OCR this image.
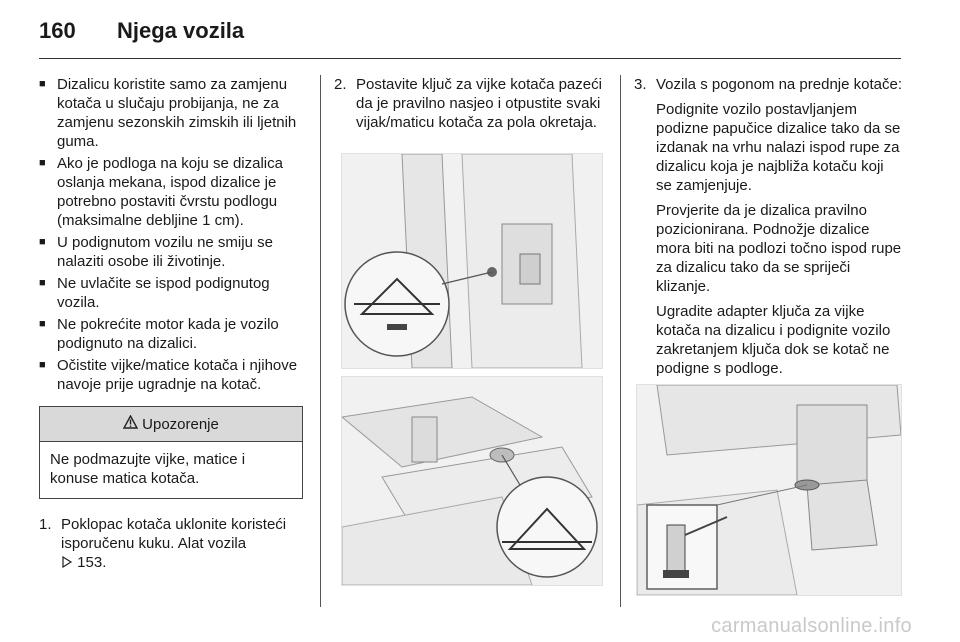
160 Njega vozila
■ Dizalicu koristite samo za zamjenu kotača u slučaju probijanja, ne za zamjenu sezonskih zimskih ili ljetnih guma.
■ Ako je podloga na koju se dizalica oslanja mekana, ispod dizalice je potrebno postaviti čvrstu podlogu (maksimalne debljine 1 cm).
■ U podignutom vozilu ne smiju se nalaziti osobe ili životinje.
■ Ne uvlačite se ispod podignutog vozila.
■ Ne pokrećite motor kada je vozilo podignuto na dizalici.
■ Očistite vijke/matice kotača i njihove navoje prije ugradnje na kotač.
Upozorenje
Ne podmazujte vijke, matice i konuse matica kotača.
1. Poklopac kotača uklonite koristeći isporučenu kuku. Alat vozila
153.
2. Postavite ključ za vijke kotača pazeći da je pravilno nasjeo i otpustite svaki vijak/maticu kotača za pola okretaja.
3. Vozila s pogonom na prednje kotače:

Podignite vozilo postavljanjem podizne papučice dizalice tako da se izdanak na vrhu nalazi ispod rupe za dizalicu koja je najbliža kotaču koji se zamjenjuje.

Provjerite da je dizalica pravilno pozicionirana. Podnožje dizalice mora biti na podlozi točno ispod rupe za dizalicu tako da se spriječi klizanje.

Ugradite adapter ključa za vijke kotača na dizalicu i podignite vozilo zakretanjem ključa dok se kotač ne podigne s podloge.

carmanualsonline.info
